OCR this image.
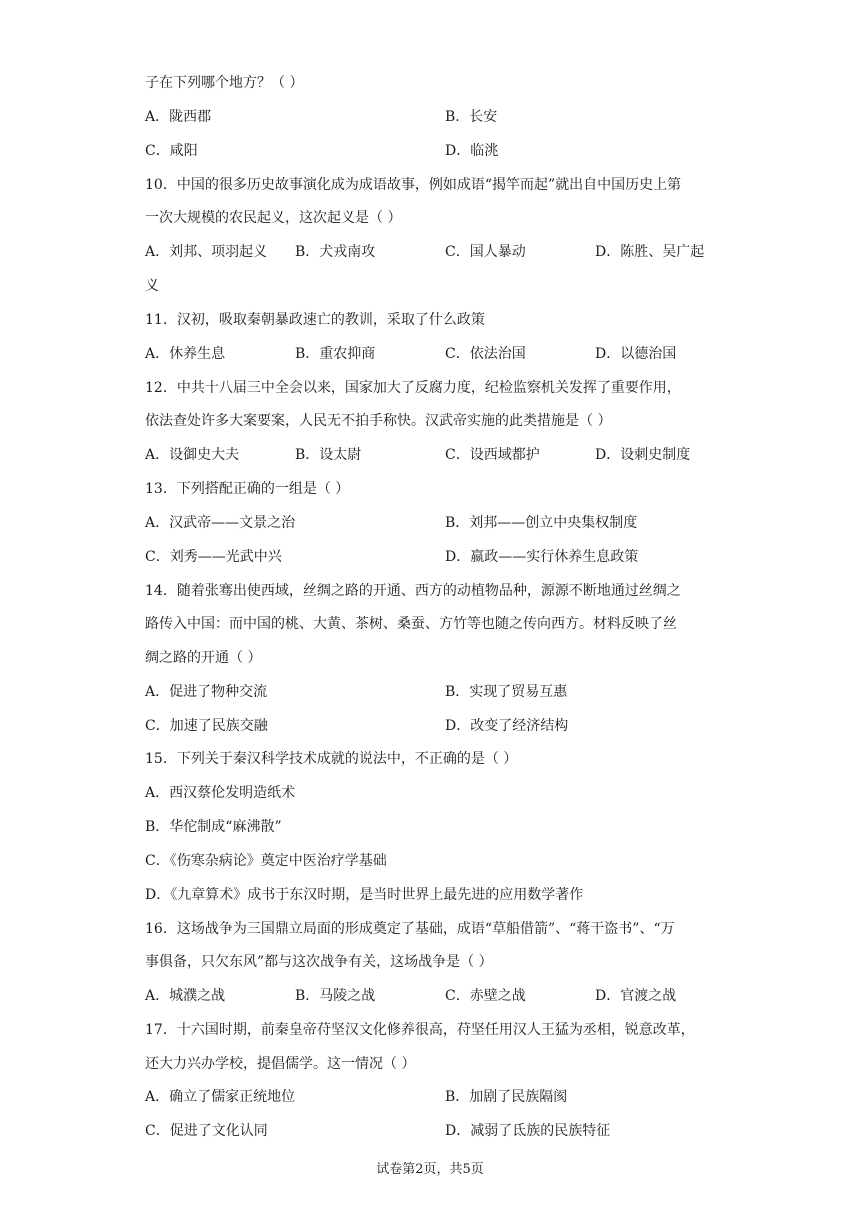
子在下列哪个地方？（ ）
A．陇西郡	B．长安
C．咸阳	D．临洮
10．中国的很多历史故事演化成为成语故事，例如成语“揭竿而起”就出自中国历史上第
一次大规模的农民起义，这次起义是（ ）
A．刘邦、项羽起义 B．犬戎南攻	C．国人暴动	D．陈胜、吴广起
义
11．汉初，吸取秦朝暴政速亡的教训，采取了什么政策
A．休养生息	B．重农抑商	C．依法治国	D．以德治国
12．中共十八届三中全会以来，国家加大了反腐力度，纪检监察机关发挥了重要作用，
依法查处许多大案要案，人民无不拍手称快。汉武帝实施的此类措施是（ ）
A．设御史大夫	B．设太尉	C．设西域都护	D．设刺史制度
13．下列搭配正确的一组是（ ）
A．汉武帝——文景之治	B．刘邦——创立中央集权制度
C．刘秀——光武中兴	D．嬴政——实行休养生息政策
14．随着张骞出使西域，丝绸之路的开通、西方的动植物品种，源源不断地通过丝绸之
路传入中国：而中国的桃、大黄、茶树、桑蚕、方竹等也随之传向西方。材料反映了丝
绸之路的开通（ ）
A．促进了物种交流	B．实现了贸易互惠
C．加速了民族交融	D．改变了经济结构
15．下列关于秦汉科学技术成就的说法中，不正确的是（ ）
A．西汉蔡伦发明造纸术
B．华佗制成“麻沸散”
C．《伤寒杂病论》奠定中医治疗学基础
D．《九章算术》成书于东汉时期，是当时世界上最先进的应用数学著作
16．这场战争为三国鼎立局面的形成奠定了基础，成语“草船借箭”、“蒋干盗书”、“万
事俱备，只欠东风”都与这次战争有关，这场战争是（ ）
A．城濮之战	B．马陵之战	C．赤壁之战	D．官渡之战
17．十六国时期，前秦皇帝苻坚汉文化修养很高，苻坚任用汉人王猛为丞相，锐意改革，
还大力兴办学校，提倡儒学。这一情况（ ）
A．确立了儒家正统地位	B．加剧了民族隔阂
C．促进了文化认同	D．减弱了氐族的民族特征
试卷第2页，共5页
